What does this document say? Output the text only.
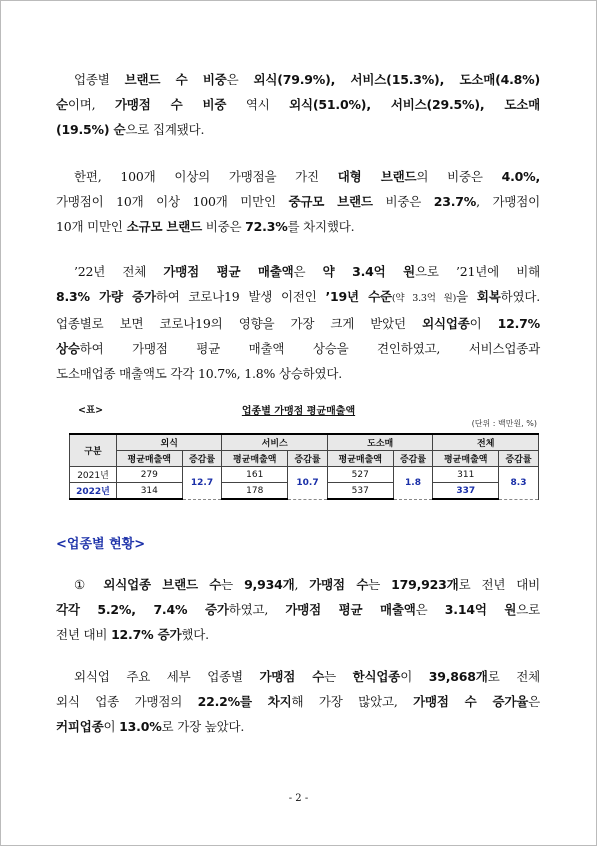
업종별 브랜드 수 비중은 외식(79.9%), 서비스(15.3%), 도소매(4.8%)
순이며, 가맹점 수 비중 역시 외식(51.0%), 서비스(29.5%), 도소매
(19.5%) 순으로 집계됐다.
한편, 100개 이상의 가맹점을 가진 대형 브랜드의 비중은 4.0%,
가맹점이 10개 이상 100개 미만인 중규모 브랜드 비중은 23.7%, 가맹점이
10개 미만인 소규모 브랜드 비중은 72.3%를 차지했다.
’22년 전체 가맹점 평균 매출액은 약 3.4억 원으로 ’21년에 비해
8.3% 가량 증가하여 코로나19 발생 이전인 ’19년 수준(약 3.3억 원)을 회복하였다.
업종별로 보면 코로나19의 영향을 가장 크게 받았던 외식업종이 12.7%
상승하여 가맹점 평균 매출액 상승을 견인하였고, 서비스업종과
도소매업종 매출액도 각각 10.7%, 1.8% 상승하였다.
<표>	업종별 가맹점 평균매출액
(단위 : 백만원, %)
구분	외식		서비스		도소매		전체	
	평균매출액	증감률	평균매출액	증감률	평균매출액	증감률	평균매출액	증감률
2021년	279	12.7	161	10.7	527	1.8	311	8.3
2022년	314		178		537		337	
<업종별 현황>
① 외식업종 브랜드 수는 9,934개, 가맹점 수는 179,923개로 전년 대비
각각 5.2%, 7.4% 증가하였고, 가맹점 평균 매출액은 3.14억 원으로
전년 대비 12.7% 증가했다.
외식업 주요 세부 업종별 가맹점 수는 한식업종이 39,868개로 전체
외식 업종 가맹점의 22.2%를 차지해 가장 많았고, 가맹점 수 증가율은
커피업종이 13.0%로 가장 높았다.
- 2 -
